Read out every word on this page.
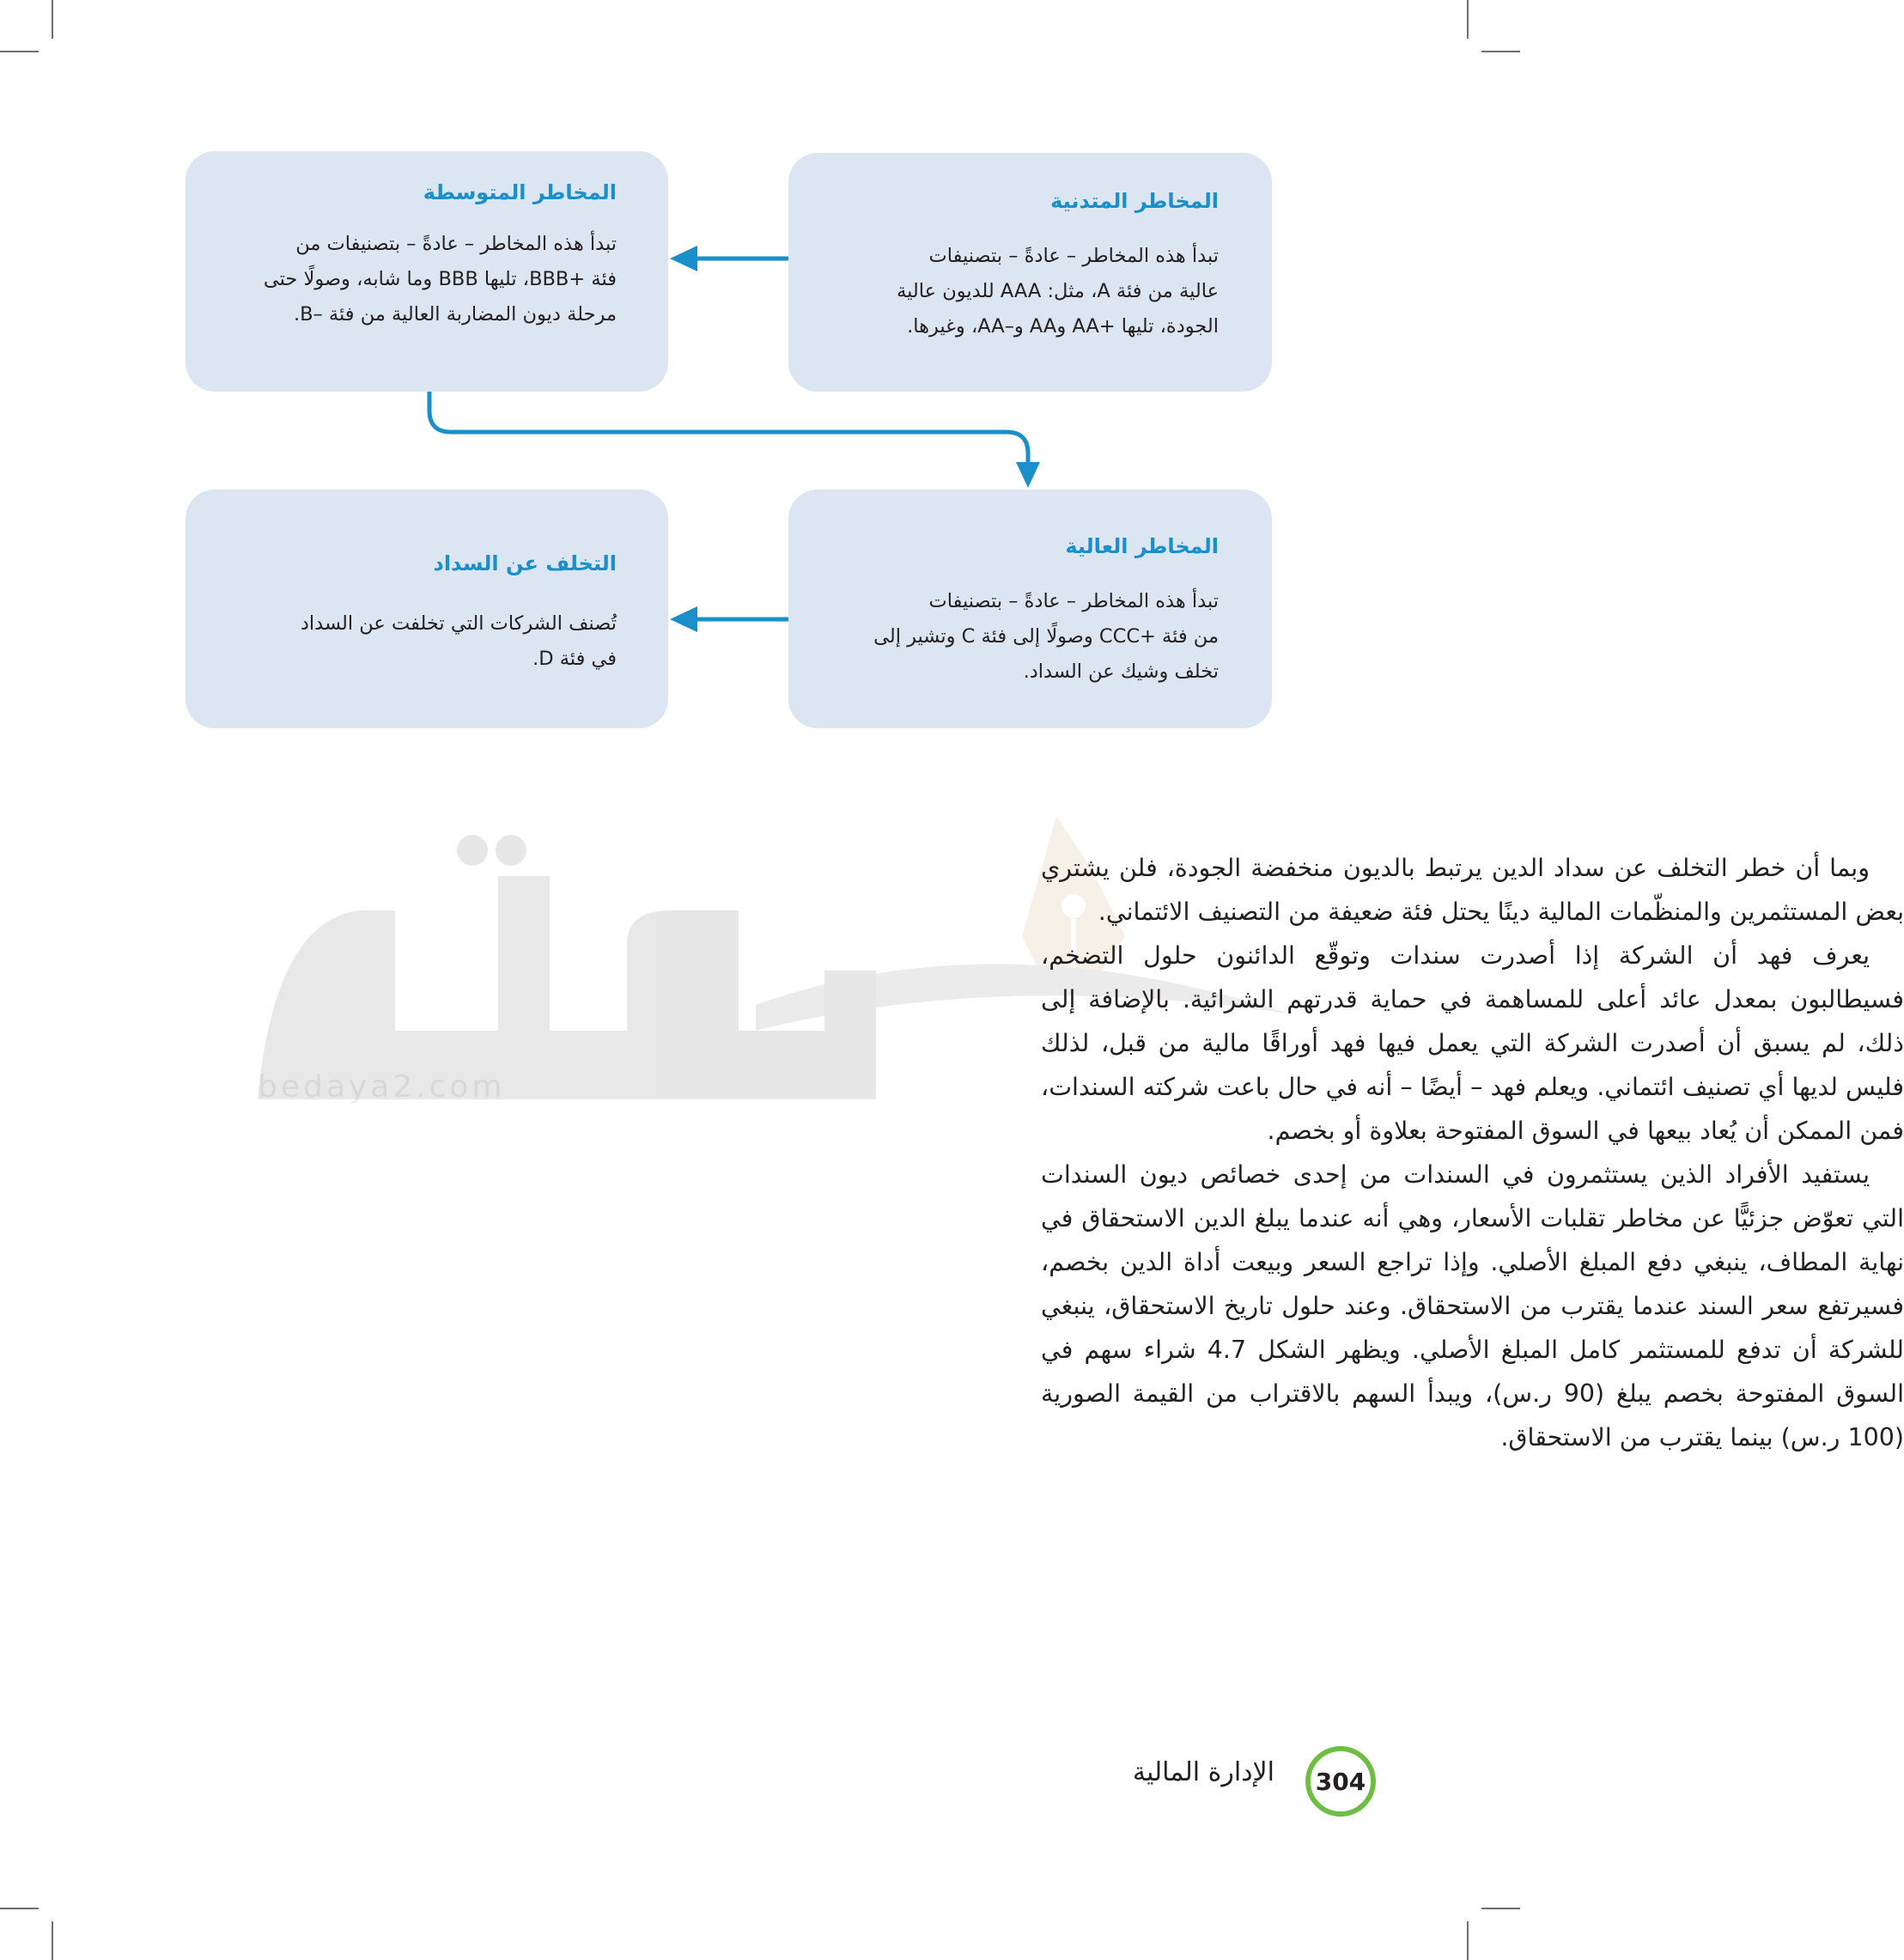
المخاطر المتدنية

تبدأ هذه المخاطر – عادةً – بتصنيفات

عالية من فئة A، مثل: AAA للديون عالية

الجودة، تليها +AA وAA و–AA، وغيرها.

المخاطر المتوسطة

تبدأ هذه المخاطر – عادةً – بتصنيفات من

فئة +BBB، تليها BBB وما شابه، وصولًا حتى

مرحلة ديون المضاربة العالية من فئة –B.

المخاطر العالية

تبدأ هذه المخاطر – عادةً – بتصنيفات

من فئة +CCC وصولًا إلى فئة C وتشير إلى

تخلف وشيك عن السداد.

التخلف عن السداد

تُصنف الشركات التي تخلفت عن السداد

في فئة D.

bedaya2.com

وبما أن خطر التخلف عن سداد الدين يرتبط بالديون منخفضة الجودة، فلن يشتري بعض المستثمرين والمنظّمات المالية دينًا يحتل فئة ضعيفة من التصنيف الائتماني.

يعرف فهد أن الشركة إذا أصدرت سندات وتوقّع الدائنون حلول التضخم، فسيطالبون بمعدل عائد أعلى للمساهمة في حماية قدرتهم الشرائية. بالإضافة إلى ذلك، لم يسبق أن أصدرت الشركة التي يعمل فيها فهد أوراقًا مالية من قبل، لذلك فليس لديها أي تصنيف ائتماني. ويعلم فهد – أيضًا – أنه في حال باعت شركته السندات، فمن الممكن أن يُعاد بيعها في السوق المفتوحة بعلاوة أو بخصم.

يستفيد الأفراد الذين يستثمرون في السندات من إحدى خصائص ديون السندات التي تعوّض جزئيًّا عن مخاطر تقلبات الأسعار، وهي أنه عندما يبلغ الدين الاستحقاق في نهاية المطاف، ينبغي دفع المبلغ الأصلي. وإذا تراجع السعر وبيعت أداة الدين بخصم، فسيرتفع سعر السند عندما يقترب من الاستحقاق. وعند حلول تاريخ الاستحقاق، ينبغي للشركة أن تدفع للمستثمر كامل المبلغ الأصلي. ويظهر الشكل 4.7 شراء سهم في السوق المفتوحة بخصم يبلغ (90 ر.س)، ويبدأ السهم بالاقتراب من القيمة الصورية (100 ر.س) بينما يقترب من الاستحقاق.

الإدارة المالية	304
